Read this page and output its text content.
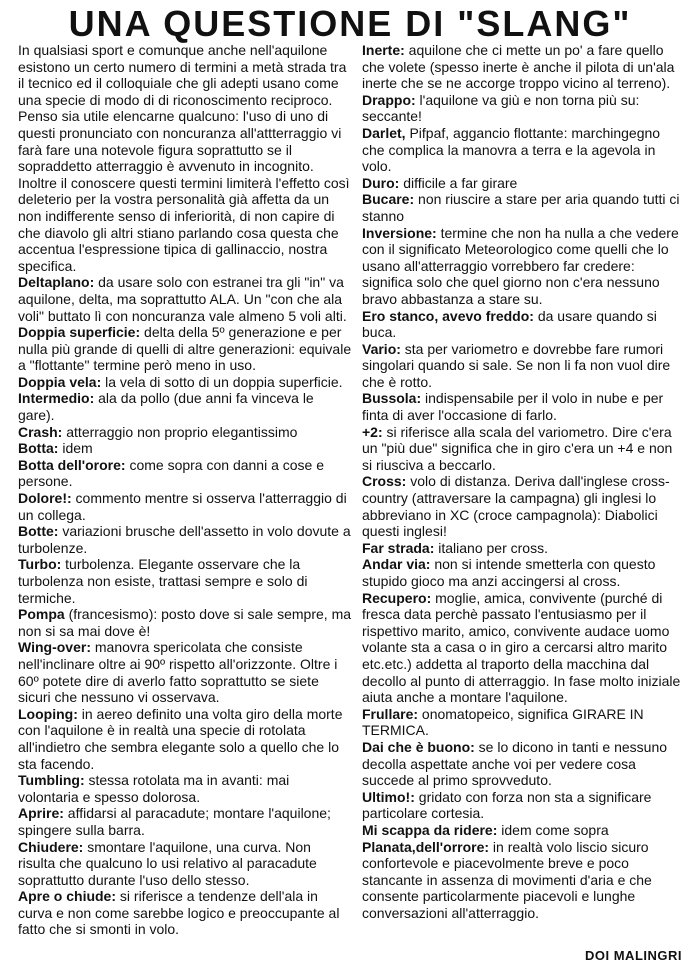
UNA QUESTIONE DI "SLANG"

In qualsiasi sport e comunque anche nell'aquilone esistono un certo numero di termini a metà strada tra il tecnico ed il colloquiale che gli adepti usano come una specie di modo di di riconoscimento reciproco. Penso sia utile elencarne qualcuno: l'uso di uno di questi pronunciato con noncuranza all'attterraggio vi farà fare una notevole figura soprattutto se il sopraddetto atterraggio è avvenuto in incognito. Inoltre il conoscere questi termini limiterà l'effetto così deleterio per la vostra personalità già affetta da un non indifferente senso di inferiorità, di non capire di che diavolo gli altri stiano parlando cosa questa che accentua l'espressione tipica di gallinaccio, nostra specifica.

Deltaplano: da usare solo con estranei tra gli "in" va aquilone, delta, ma soprattutto ALA. Un "con che ala voli" buttato lì con noncuranza vale almeno 5 voli alti.

Doppia superficie: delta della 5º generazione e per nulla più grande di quelli di altre generazioni: equivale a "flottante" termine però meno in uso.

Doppia vela: la vela di sotto di un doppia superficie.

Intermedio: ala da pollo (due anni fa vinceva le gare).

Crash: atterraggio non proprio elegantissimo

Botta: idem

Botta dell'orore: come sopra con danni a cose e persone.

Dolore!: commento mentre si osserva l'atterraggio di un collega.

Botte: variazioni brusche dell'assetto in volo dovute a turbolenze.

Turbo: turbolenza. Elegante osservare che la turbolenza non esiste, trattasi sempre e solo di termiche.

Pompa (francesismo): posto dove si sale sempre, ma non si sa mai dove è!

Wing-over: manovra spericolata che consiste nell'inclinare oltre ai 90º rispetto all'orizzonte. Oltre i 60º potete dire di averlo fatto soprattutto se siete sicuri che nessuno vi osservava.

Looping: in aereo definito una volta giro della morte con l'aquilone è in realtà una specie di rotolata all'indietro che sembra elegante solo a quello che lo sta facendo.

Tumbling: stessa rotolata ma in avanti: mai volontaria e spesso dolorosa.

Aprire: affidarsi al paracadute; montare l'aquilone; spingere sulla barra.

Chiudere: smontare l'aquilone, una curva. Non risulta che qualcuno lo usi relativo al paracadute soprattutto durante l'uso dello stesso.

Apre o chiude: si riferisce a tendenze dell'ala in curva e non come sarebbe logico e preoccupante al fatto che si smonti in volo.

Inerte: aquilone che ci mette un po' a fare quello che volete (spesso inerte è anche il pilota di un'ala inerte che se ne accorge troppo vicino al terreno).

Drappo: l'aquilone va giù e non torna più su: seccante!

Darlet, Pifpaf, aggancio flottante: marchingegno che complica la manovra a terra e la agevola in volo.

Duro: difficile a far girare

Bucare: non riuscire a stare per aria quando tutti ci stanno

Inversione: termine che non ha nulla a che vedere con il significato Meteorologico come quelli che lo usano all'atterraggio vorrebbero far credere: significa solo che quel giorno non c'era nessuno bravo abbastanza a stare su.

Ero stanco, avevo freddo: da usare quando si buca.

Vario: sta per variometro e dovrebbe fare rumori singolari quando si sale. Se non li fa non vuol dire che è rotto.

Bussola: indispensabile per il volo in nube e per finta di aver l'occasione di farlo.

+2: si riferisce alla scala del variometro. Dire c'era un "più due" significa che in giro c'era un +4 e non si riusciva a beccarlo.

Cross: volo di distanza. Deriva dall'inglese cross-country (attraversare la campagna) gli inglesi lo abbreviano in XC (croce campagnola): Diabolici questi inglesi!

Far strada: italiano per cross.

Andar via: non si intende smetterla con questo stupido gioco ma anzi accingersi al cross.

Recupero: moglie, amica, convivente (purché di fresca data perchè passato l'entusiasmo per il rispettivo marito, amico, convivente audace uomo volante sta a casa o in giro a cercarsi altro marito etc.etc.) addetta al traporto della macchina dal decollo al punto di atterraggio. In fase molto iniziale aiuta anche a montare l'aquilone.

Frullare: onomatopeico, significa GIRARE IN TERMICA.

Dai che è buono: se lo dicono in tanti e nessuno decolla aspettate anche voi per vedere cosa succede al primo sprovveduto.

Ultimo!: gridato con forza non sta a significare particolare cortesia.

Mi scappa da ridere: idem come sopra

Planata,dell'orrore: in realtà volo liscio sicuro confortevole e piacevolmente breve e poco stancante in assenza di movimenti d'aria e che consente particolarmente piacevoli e lunghe conversazioni all'atterraggio.

DOI MALINGRI
